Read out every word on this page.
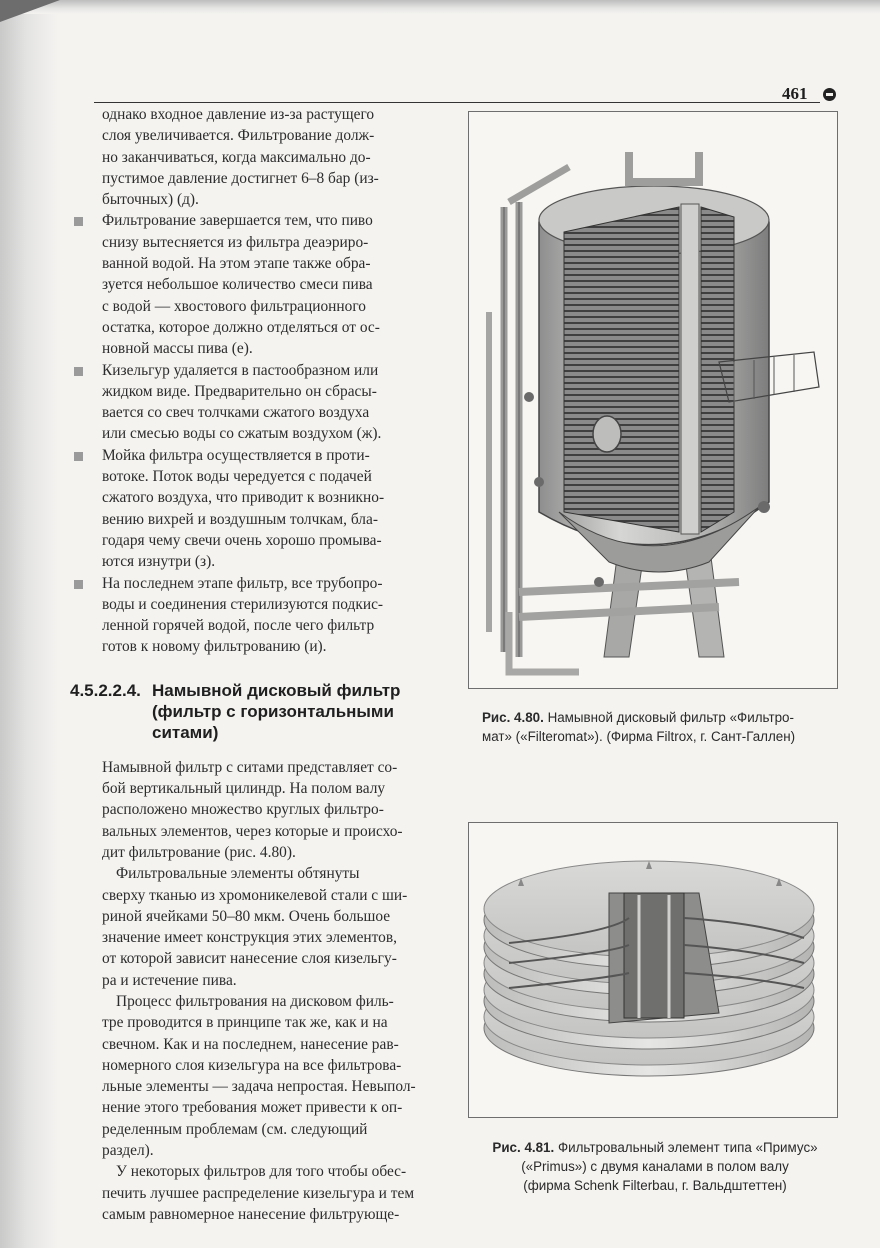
461
однако входное давление из-за растущего
слоя увеличивается. Фильтрование долж-
но заканчиваться, когда максимально до-
пустимое давление достигнет 6–8 бар (из-
быточных) (д).
Фильтрование завершается тем, что пиво
снизу вытесняется из фильтра деаэриро-
ванной водой. На этом этапе также обра-
зуется небольшое количество смеси пива
с водой — хвостового фильтрационного
остатка, которое должно отделяться от ос-
новной массы пива (е).
Кизельгур удаляется в пастообразном или
жидком виде. Предварительно он сбрасы-
вается со свеч толчками сжатого воздуха
или смесью воды со сжатым воздухом (ж).
Мойка фильтра осуществляется в проти-
вотоке. Поток воды чередуется с подачей
сжатого воздуха, что приводит к возникно-
вению вихрей и воздушным толчкам, бла-
годаря чему свечи очень хорошо промыва-
ются изнутри (з).
На последнем этапе фильтр, все трубопро-
воды и соединения стерилизуются подкис-
ленной горячей водой, после чего фильтр
готов к новому фильтрованию (и).
4.5.2.2.4. Намывной дисковый фильтр
(фильтр с горизонтальными
ситами)
Намывной фильтр с ситами представляет со-
бой вертикальный цилиндр. На полом валу
расположено множество круглых фильтро-
вальных элементов, через которые и происхо-
дит фильтрование (рис. 4.80).
Фильтровальные элементы обтянуты
сверху тканью из хромоникелевой стали с ши-
риной ячейками 50–80 мкм. Очень большое
значение имеет конструкция этих элементов,
от которой зависит нанесение слоя кизельгу-
ра и истечение пива.
Процесс фильтрования на дисковом филь-
тре проводится в принципе так же, как и на
свечном. Как и на последнем, нанесение рав-
номерного слоя кизельгура на все фильтрова-
льные элементы — задача непростая. Невыпол-
нение этого требования может привести к оп-
ределенным проблемам (см. следующий
раздел).
У некоторых фильтров для того чтобы обес-
печить лучшее распределение кизельгура и тем
самым равномерное нанесение фильтрующе-
Рис. 4.80. Намывной дисковый фильтр «Фильтро-
мат» («Filteromat»). (Фирма Filtrox, г. Сант-Галлен)
Рис. 4.81. Фильтровальный элемент типа «Примус»
(«Primus») с двумя каналами в полом валу
(фирма Schenk Filterbau, г. Вальдштеттен)
